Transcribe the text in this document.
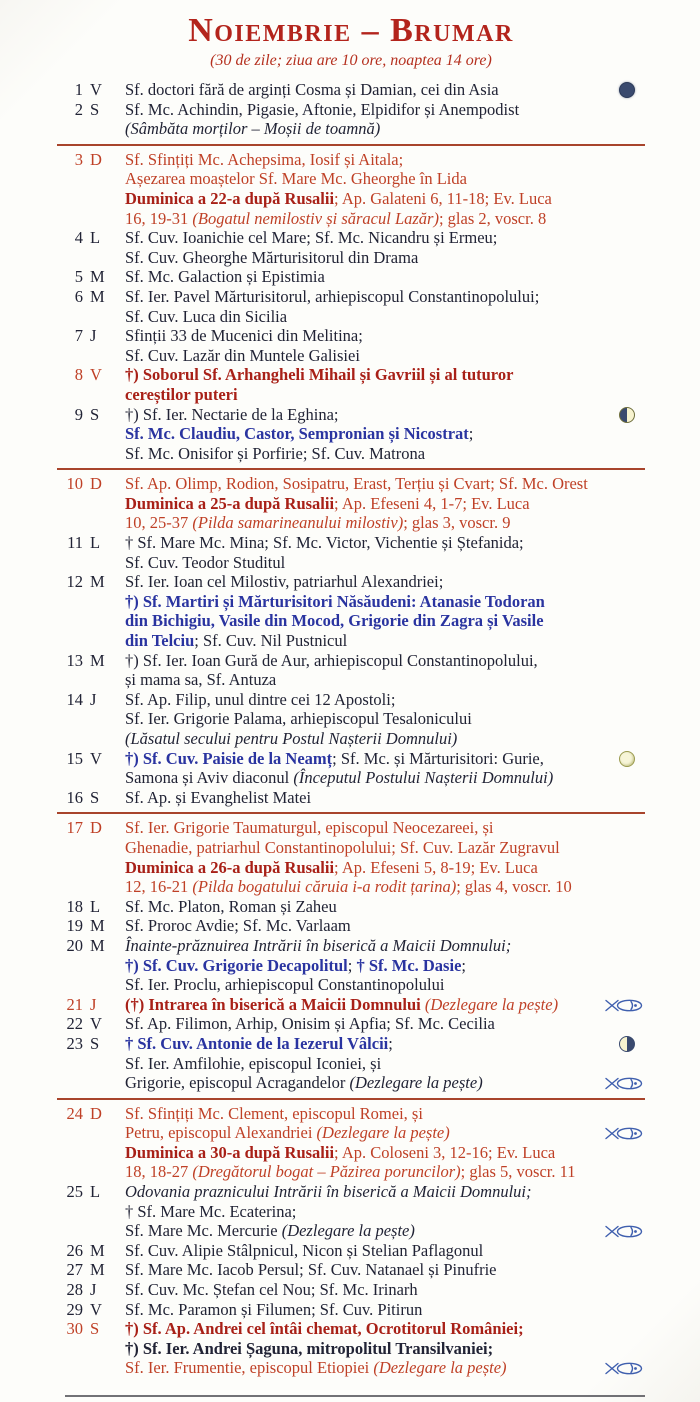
Noiembrie – Brumar
(30 de zile; ziua are 10 ore, noaptea 14 ore)
1 V Sf. doctori fără de arginți Cosma și Damian, cei din Asia
2 S Sf. Mc. Achindin, Pigasie, Aftonie, Elpidifor și Anempodist
(Sâmbăta morților – Moșii de toamnă)
3 D Sf. Sfințiți Mc. Achepsima, Iosif și Aitala;
Așezarea moaștelor Sf. Mare Mc. Gheorghe în Lida
Duminica a 22-a după Rusalii; Ap. Galateni 6, 11-18; Ev. Luca
16, 19-31 (Bogatul nemilostiv și săracul Lazăr); glas 2, voscr. 8
4 L Sf. Cuv. Ioanichie cel Mare; Sf. Mc. Nicandru și Ermeu;
Sf. Cuv. Gheorghe Mărturisitorul din Drama
5 M Sf. Mc. Galaction și Epistimia
6 M Sf. Ier. Pavel Mărturisitorul, arhiepiscopul Constantinopolului;
Sf. Cuv. Luca din Sicilia
7 J Sfinții 33 de Mucenici din Melitina;
Sf. Cuv. Lazăr din Muntele Galisiei
8 V †) Soborul Sf. Arhangheli Mihail și Gavriil și al tuturor
cereștilor puteri
9 S †) Sf. Ier. Nectarie de la Eghina;
Sf. Mc. Claudiu, Castor, Sempronian și Nicostrat;
Sf. Mc. Onisifor și Porfirie; Sf. Cuv. Matrona
10 D Sf. Ap. Olimp, Rodion, Sosipatru, Erast, Terțiu și Cvart; Sf. Mc. Orest
Duminica a 25-a după Rusalii; Ap. Efeseni 4, 1-7; Ev. Luca
10, 25-37 (Pilda samarineanului milostiv); glas 3, voscr. 9
11 L † Sf. Mare Mc. Mina; Sf. Mc. Victor, Vichentie și Ștefanida;
Sf. Cuv. Teodor Studitul
12 M Sf. Ier. Ioan cel Milostiv, patriarhul Alexandriei;
†) Sf. Martiri și Mărturisitori Năsăudeni: Atanasie Todoran
din Bichigiu, Vasile din Mocod, Grigorie din Zagra și Vasile
din Telciu; Sf. Cuv. Nil Pustnicul
13 M †) Sf. Ier. Ioan Gură de Aur, arhiepiscopul Constantinopolului,
și mama sa, Sf. Antuza
14 J Sf. Ap. Filip, unul dintre cei 12 Apostoli;
Sf. Ier. Grigorie Palama, arhiepiscopul Tesalonicului
(Lăsatul secului pentru Postul Nașterii Domnului)
15 V †) Sf. Cuv. Paisie de la Neamț; Sf. Mc. și Mărturisitori: Gurie,
Samona și Aviv diaconul (Începutul Postului Nașterii Domnului)
16 S Sf. Ap. și Evanghelist Matei
17 D Sf. Ier. Grigorie Taumaturgul, episcopul Neocezareei, și
Ghenadie, patriarhul Constantinopolului; Sf. Cuv. Lazăr Zugravul
Duminica a 26-a după Rusalii; Ap. Efeseni 5, 8-19; Ev. Luca
12, 16-21 (Pilda bogatului căruia i-a rodit țarina); glas 4, voscr. 10
18 L Sf. Mc. Platon, Roman și Zaheu
19 M Sf. Proroc Avdie; Sf. Mc. Varlaam
20 M Înainte-prăznuirea Intrării în biserică a Maicii Domnului;
†) Sf. Cuv. Grigorie Decapolitul; † Sf. Mc. Dasie;
Sf. Ier. Proclu, arhiepiscopul Constantinopolului
21 J (†) Intrarea în biserică a Maicii Domnului (Dezlegare la pește)
22 V Sf. Ap. Filimon, Arhip, Onisim și Apfia; Sf. Mc. Cecilia
23 S † Sf. Cuv. Antonie de la Iezerul Vâlcii;
Sf. Ier. Amfilohie, episcopul Iconiei, și
Grigorie, episcopul Acragandelor (Dezlegare la pește)
24 D Sf. Sfințiți Mc. Clement, episcopul Romei, și
Petru, episcopul Alexandriei (Dezlegare la pește)
Duminica a 30-a după Rusalii; Ap. Coloseni 3, 12-16; Ev. Luca
18, 18-27 (Dregătorul bogat – Păzirea poruncilor); glas 5, voscr. 11
25 L Odovania praznicului Intrării în biserică a Maicii Domnului;
† Sf. Mare Mc. Ecaterina;
Sf. Mare Mc. Mercurie (Dezlegare la pește)
26 M Sf. Cuv. Alipie Stâlpnicul, Nicon și Stelian Paflagonul
27 M Sf. Mare Mc. Iacob Persul; Sf. Cuv. Natanael și Pinufrie
28 J Sf. Cuv. Mc. Ștefan cel Nou; Sf. Mc. Irinarh
29 V Sf. Mc. Paramon și Filumen; Sf. Cuv. Pitirun
30 S †) Sf. Ap. Andrei cel întâi chemat, Ocrotitorul României;
†) Sf. Ier. Andrei Șaguna, mitropolitul Transilvaniei;
Sf. Ier. Frumentie, episcopul Etiopiei (Dezlegare la pește)
